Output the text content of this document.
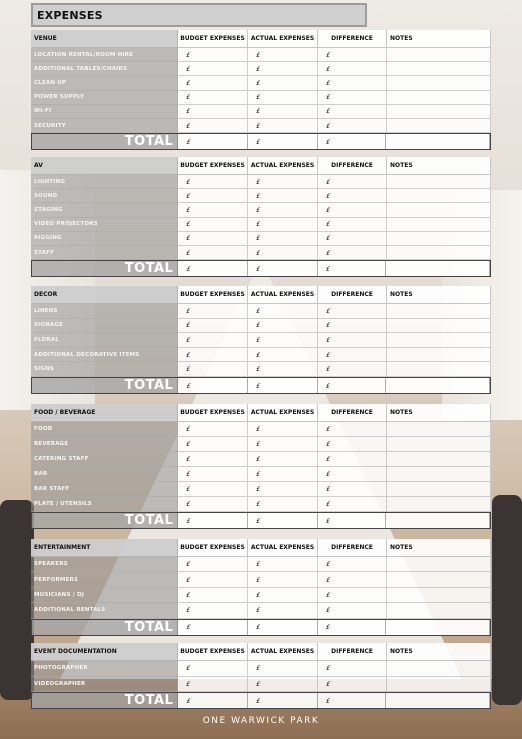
EXPENSES
VENUE	BUDGET EXPENSES	ACTUAL EXPENSES	DIFFERENCE	NOTES
LOCATION RENTAL/ROOM HIRE	£	£	£
ADDITIONAL TABLES/CHAIRS	£	£	£
CLEAN UP	£	£	£
POWER SUPPLY	£	£	£
WI-FI	£	£	£
SECURITY	£	£	£
TOTAL	£	£	£
AV	BUDGET EXPENSES	ACTUAL EXPENSES	DIFFERENCE	NOTES
LIGHTING	£	£	£
SOUND	£	£	£
STAGING	£	£	£
VIDEO PROJECTORS	£	£	£
RIGGING	£	£	£
STAFF	£	£	£
TOTAL	£	£	£
DECOR	BUDGET EXPENSES	ACTUAL EXPENSES	DIFFERENCE	NOTES
LINENS	£	£	£
SIGNAGE	£	£	£
FLORAL	£	£	£
ADDITIONAL DECORATIVE ITEMS	£	£	£
SIGNS	£	£	£
TOTAL	£	£	£
FOOD / BEVERAGE	BUDGET EXPENSES	ACTUAL EXPENSES	DIFFERENCE	NOTES
FOOD	£	£	£
BEVERAGE	£	£	£
CATERING STAFF	£	£	£
BAR	£	£	£
BAR STAFF	£	£	£
PLATE / UTENSILS	£	£	£
TOTAL	£	£	£
ENTERTAINMENT	BUDGET EXPENSES	ACTUAL EXPENSES	DIFFERENCE	NOTES
SPEAKERS	£	£	£
PERFORMERS	£	£	£
MUSICIANS / DJ	£	£	£
ADDITIONAL RENTALS	£	£	£
TOTAL	£	£	£
EVENT DOCUMENTATION	BUDGET EXPENSES	ACTUAL EXPENSES	DIFFERENCE	NOTES
PHOTOGRAPHER	£	£	£
VIDEOGRAPHER	£	£	£
TOTAL	£	£	£
ONE WARWICK PARK
